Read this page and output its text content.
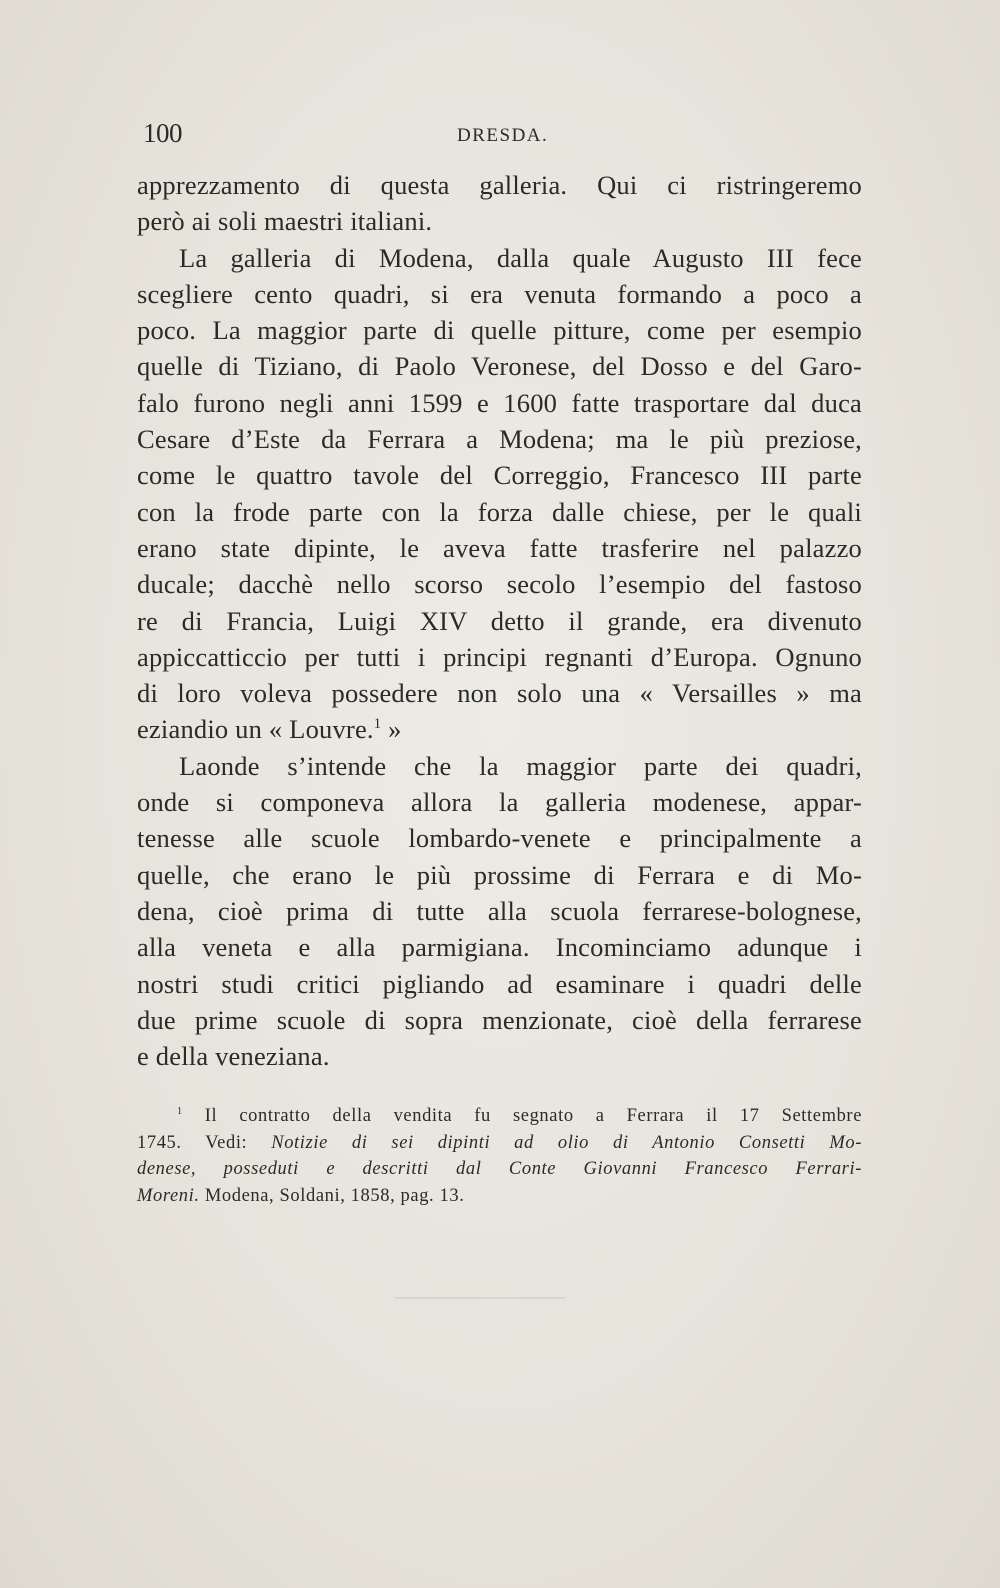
100	DRESDA.

apprezzamento di questa galleria. Qui ci ristringeremo
però ai soli maestri italiani.

La galleria di Modena, dalla quale Augusto III fece
scegliere cento quadri, si era venuta formando a poco a
poco. La maggior parte di quelle pitture, come per esempio
quelle di Tiziano, di Paolo Veronese, del Dosso e del Garo-
falo furono negli anni 1599 e 1600 fatte trasportare dal duca
Cesare d’Este da Ferrara a Modena; ma le più preziose,
come le quattro tavole del Correggio, Francesco III parte
con la frode parte con la forza dalle chiese, per le quali
erano state dipinte, le aveva fatte trasferire nel palazzo
ducale; dacchè nello scorso secolo l’esempio del fastoso
re di Francia, Luigi XIV detto il grande, era divenuto
appiccatticcio per tutti i principi regnanti d’Europa. Ognuno
di loro voleva possedere non solo una « Versailles » ma
eziandio un « Louvre.$^1$ »

Laonde s’intende che la maggior parte dei quadri,
onde si componeva allora la galleria modenese, appar-
tenesse alle scuole lombardo-venete e principalmente a
quelle, che erano le più prossime di Ferrara e di Mo-
dena, cioè prima di tutte alla scuola ferrarese-bolognese,
alla veneta e alla parmigiana. Incominciamo adunque i
nostri studi critici pigliando ad esaminare i quadri delle
due prime scuole di sopra menzionate, cioè della ferrarese
e della veneziana.

$^1$ Il contratto della vendita fu segnato a Ferrara il 17 Settembre
1745. Vedi: Notizie di sei dipinti ad olio di Antonio Consetti Mo-
denese, posseduti e descritti dal Conte Giovanni Francesco Ferrari-
Moreni. Modena, Soldani, 1858, pag. 13.
